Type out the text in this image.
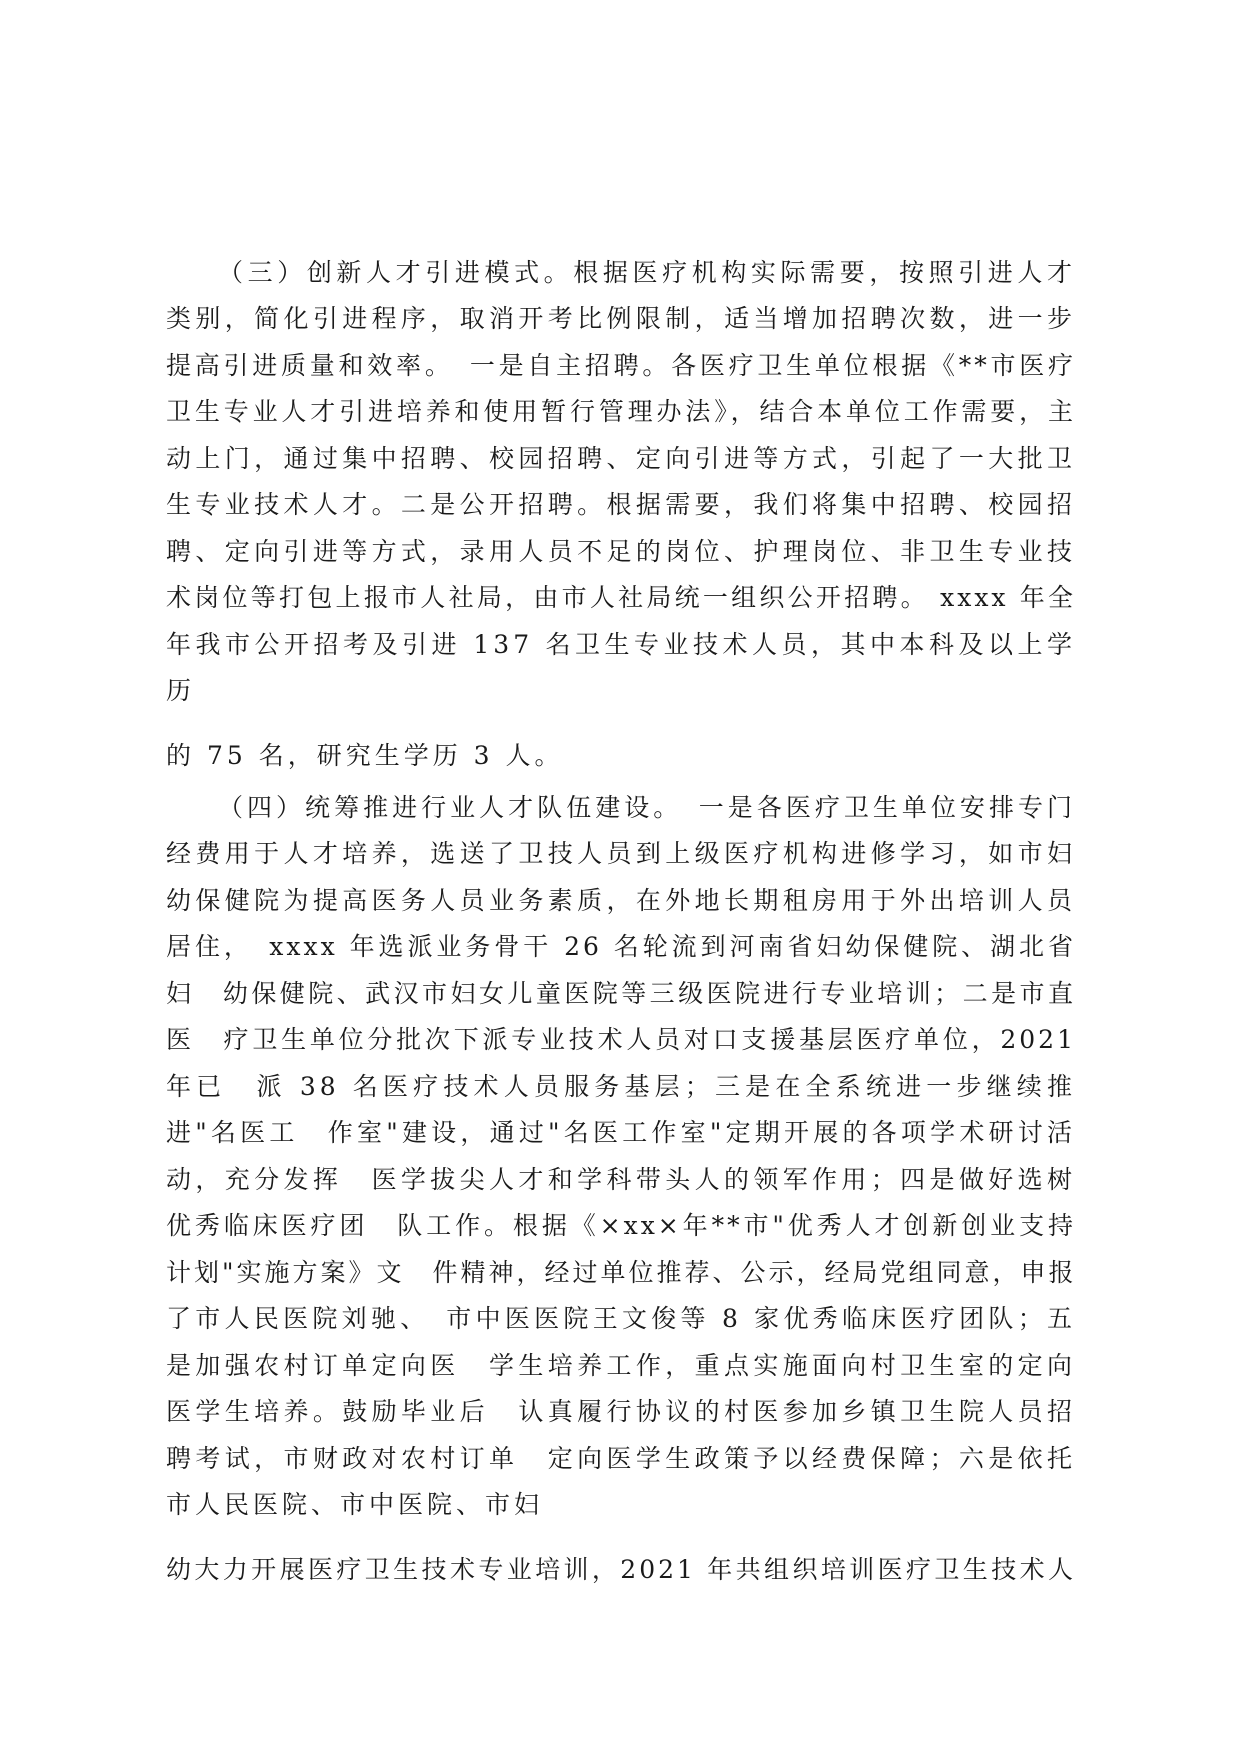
（三）创新人才引进模式。根据医疗机构实际需要，按照引进人才
类别，简化引进程序，取消开考比例限制，适当增加招聘次数，进一步
提高引进质量和效率。　一是自主招聘。各医疗卫生单位根据《**市医疗
卫生专业人才引进培养和使用暂行管理办法》，结合本单位工作需要，主
动上门，通过集中招聘、校园招聘、定向引进等方式，引起了一大批卫
生专业技术人才。二是公开招聘。根据需要，我们将集中招聘、校园招
聘、定向引进等方式，录用人员不足的岗位、护理岗位、非卫生专业技
术岗位等打包上报市人社局，由市人社局统一组织公开招聘。 xxxx 年全
年我市公开招考及引进 137 名卫生专业技术人员，其中本科及以上学
历
的 75 名，研究生学历 3 人。
（四）统筹推进行业人才队伍建设。　一是各医疗卫生单位安排专门
经费用于人才培养，选送了卫技人员到上级医疗机构进修学习，如市妇
幼保健院为提高医务人员业务素质，在外地长期租房用于外出培训人员
居住，　xxxx 年选派业务骨干 26 名轮流到河南省妇幼保健院、湖北省
妇　幼保健院、武汉市妇女儿童医院等三级医院进行专业培训；二是市直
医　疗卫生单位分批次下派专业技术人员对口支援基层医疗单位，2021
年已　派 38 名医疗技术人员服务基层；三是在全系统进一步继续推
进"名医工　作室"建设，通过"名医工作室"定期开展的各项学术研讨活
动，充分发挥　医学拔尖人才和学科带头人的领军作用；四是做好选树
优秀临床医疗团　队工作。根据《×xx×年**市"优秀人才创新创业支持
计划"实施方案》文　件精神，经过单位推荐、公示，经局党组同意，申报
了市人民医院刘驰、　市中医医院王文俊等 8 家优秀临床医疗团队；五
是加强农村订单定向医　学生培养工作，重点实施面向村卫生室的定向
医学生培养。鼓励毕业后　认真履行协议的村医参加乡镇卫生院人员招
聘考试，市财政对农村订单　定向医学生政策予以经费保障；六是依托
市人民医院、市中医院、市妇
幼大力开展医疗卫生技术专业培训，2021 年共组织培训医疗卫生技术人
